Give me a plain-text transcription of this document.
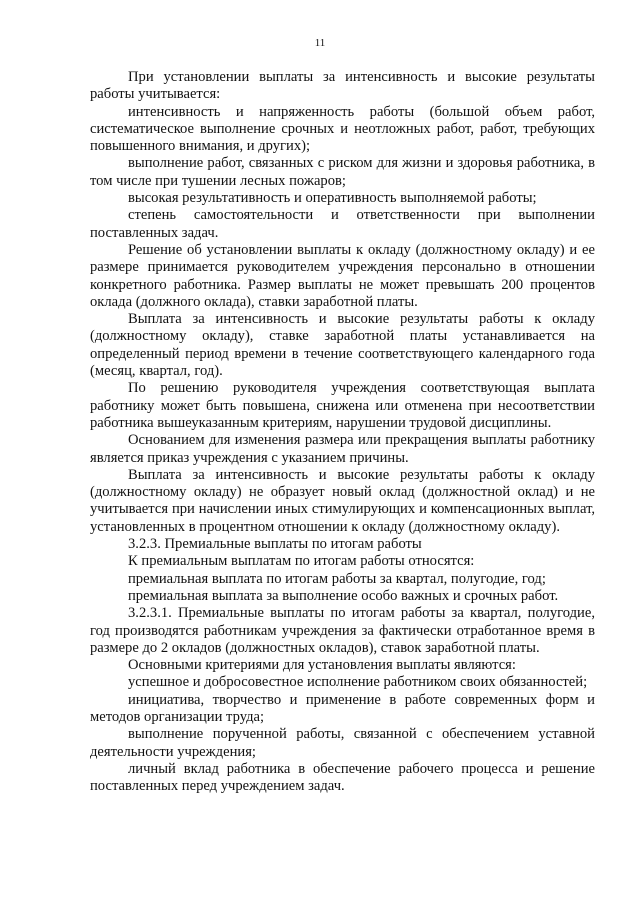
11

При установлении выплаты за интенсивность и высокие результаты работы учитывается:

интенсивность и напряженность работы (большой объем работ, систематическое выполнение срочных и неотложных работ, работ, требующих повышенного внимания, и других);

выполнение работ, связанных с риском для жизни и здоровья работника, в том числе при тушении лесных пожаров;

высокая результативность и оперативность выполняемой работы;

степень самостоятельности и ответственности при выполнении поставленных задач.

Решение об установлении выплаты к окладу (должностному окладу) и ее размере принимается руководителем учреждения персонально в отношении конкретного работника. Размер выплаты не может превышать 200 процентов оклада (должного оклада), ставки заработной платы.

Выплата за интенсивность и высокие результаты работы к окладу (должностному окладу), ставке заработной платы устанавливается на определенный период времени в течение соответствующего календарного года (месяц, квартал, год).

По решению руководителя учреждения соответствующая выплата работнику может быть повышена, снижена или отменена при несоответствии работника вышеуказанным критериям, нарушении трудовой дисциплины.

Основанием для изменения размера или прекращения выплаты работнику является приказ учреждения с указанием причины.

Выплата за интенсивность и высокие результаты работы к окладу (должностному окладу) не образует новый оклад (должностной оклад) и не учитывается при начислении иных стимулирующих и компенсационных выплат, установленных в процентном отношении к окладу (должностному окладу).

3.2.3. Премиальные выплаты по итогам работы

К премиальным выплатам по итогам работы относятся:

премиальная выплата по итогам работы за квартал, полугодие, год;

премиальная выплата за выполнение особо важных и срочных работ.

3.2.3.1. Премиальные выплаты по итогам работы за квартал, полугодие, год производятся работникам учреждения за фактически отработанное время в размере до 2 окладов (должностных окладов), ставок заработной платы.

Основными критериями для установления выплаты являются:

успешное и добросовестное исполнение работником своих обязанностей;

инициатива, творчество и применение в работе современных форм и методов организации труда;

выполнение порученной работы, связанной с обеспечением уставной деятельности учреждения;

личный вклад работника в обеспечение рабочего процесса и решение поставленных перед учреждением задач.
